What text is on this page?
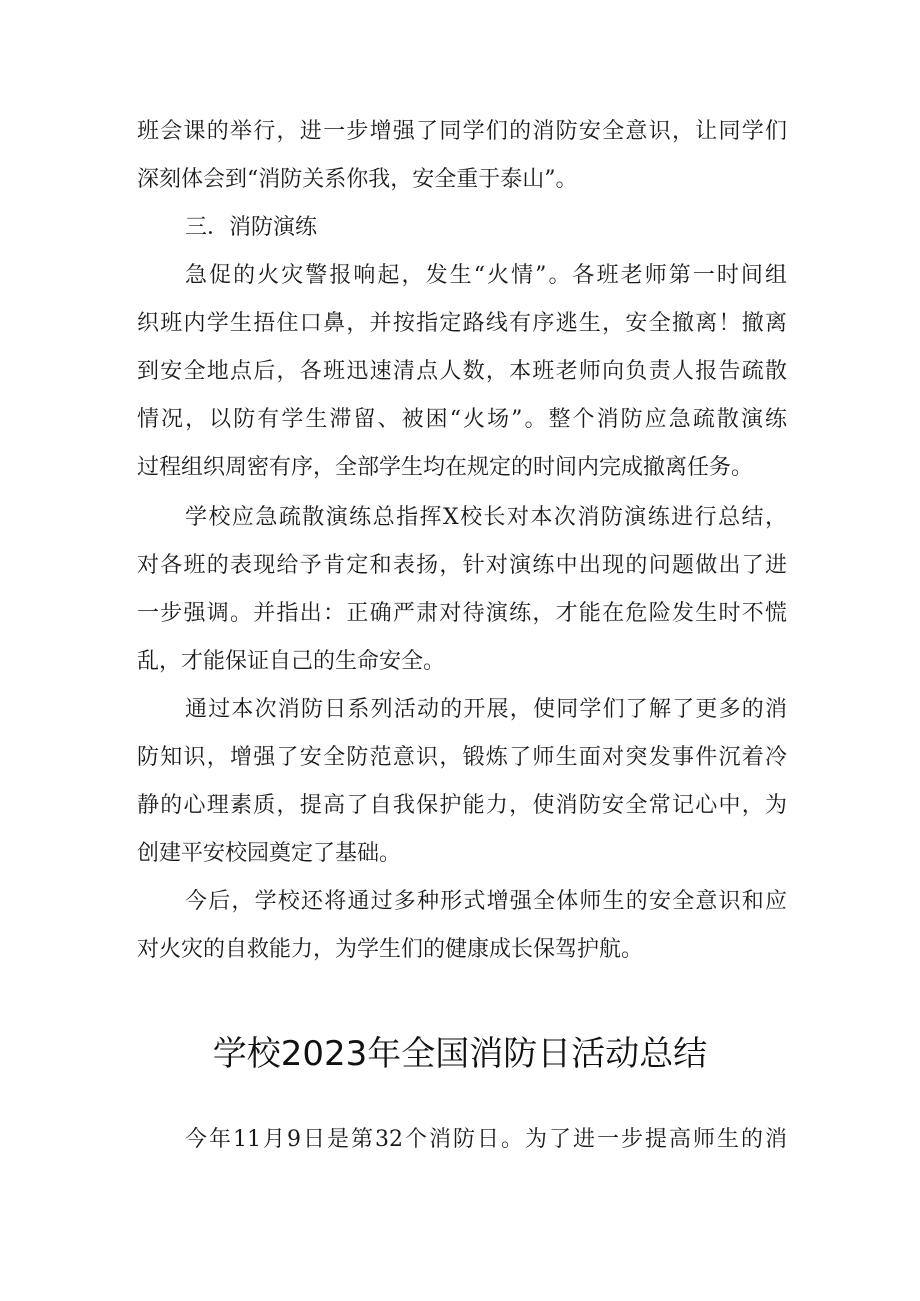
班会课的举行，进一步增强了同学们的消防安全意识，让同学们
深刻体会到“消防关系你我，安全重于泰山”。
三．消防演练
急促的火灾警报响起，发生“火情”。各班老师第一时间组
织班内学生捂住口鼻，并按指定路线有序逃生，安全撤离！撤离
到安全地点后，各班迅速清点人数，本班老师向负责人报告疏散
情况，以防有学生滞留、被困“火场”。整个消防应急疏散演练
过程组织周密有序，全部学生均在规定的时间内完成撤离任务。
学校应急疏散演练总指挥X校长对本次消防演练进行总结，
对各班的表现给予肯定和表扬，针对演练中出现的问题做出了进
一步强调。并指出：正确严肃对待演练，才能在危险发生时不慌
乱，才能保证自己的生命安全。
通过本次消防日系列活动的开展，使同学们了解了更多的消
防知识，增强了安全防范意识，锻炼了师生面对突发事件沉着冷
静的心理素质，提高了自我保护能力，使消防安全常记心中，为
创建平安校园奠定了基础。
今后，学校还将通过多种形式增强全体师生的安全意识和应
对火灾的自救能力，为学生们的健康成长保驾护航。
学校2023年全国消防日活动总结
今年11月9日是第32个消防日。为了进一步提高师生的消
